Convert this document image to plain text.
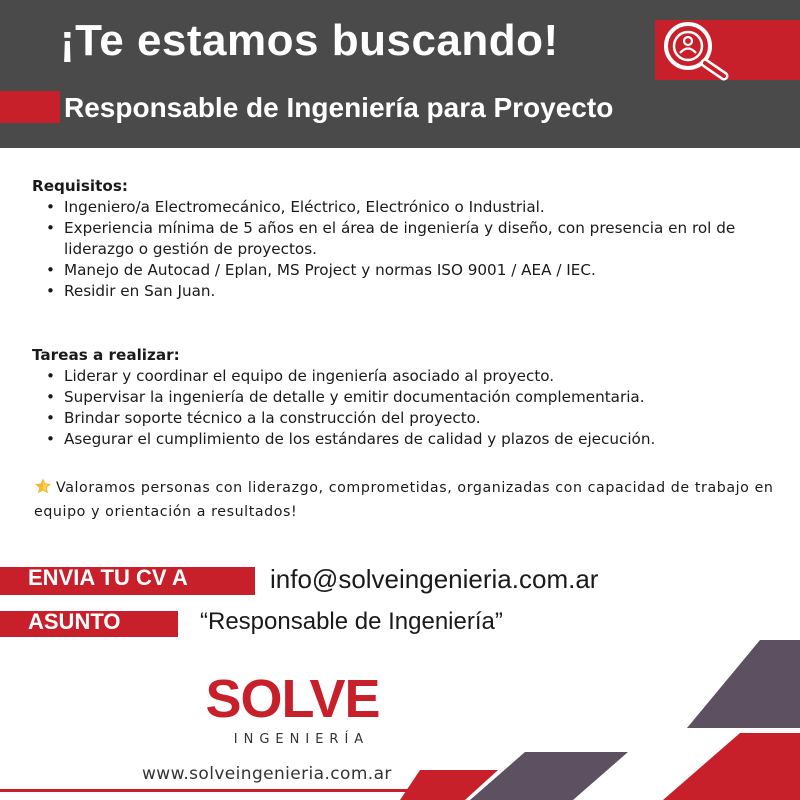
¡Te estamos buscando!
Responsable de Ingeniería para Proyecto
Requisitos:
• Ingeniero/a Electromecánico, Eléctrico, Electrónico o Industrial.
• Experiencia mínima de 5 años en el área de ingeniería y diseño, con presencia en rol de liderazgo o gestión de proyectos.
• Manejo de Autocad / Eplan, MS Project y normas ISO 9001 / AEA / IEC.
• Residir en San Juan.
Tareas a realizar:
• Liderar y coordinar el equipo de ingeniería asociado al proyecto.
• Supervisar la ingeniería de detalle y emitir documentación complementaria.
• Brindar soporte técnico a la construcción del proyecto.
• Asegurar el cumplimiento de los estándares de calidad y plazos de ejecución.
Valoramos personas con liderazgo, comprometidas, organizadas con capacidad de trabajo en equipo y orientación a resultados!
ENVIA TU CV A	info@solveingenieria.com.ar
ASUNTO	“Responsable de Ingeniería”
SOLVE
INGENIERÍA
www.solveingenieria.com.ar
